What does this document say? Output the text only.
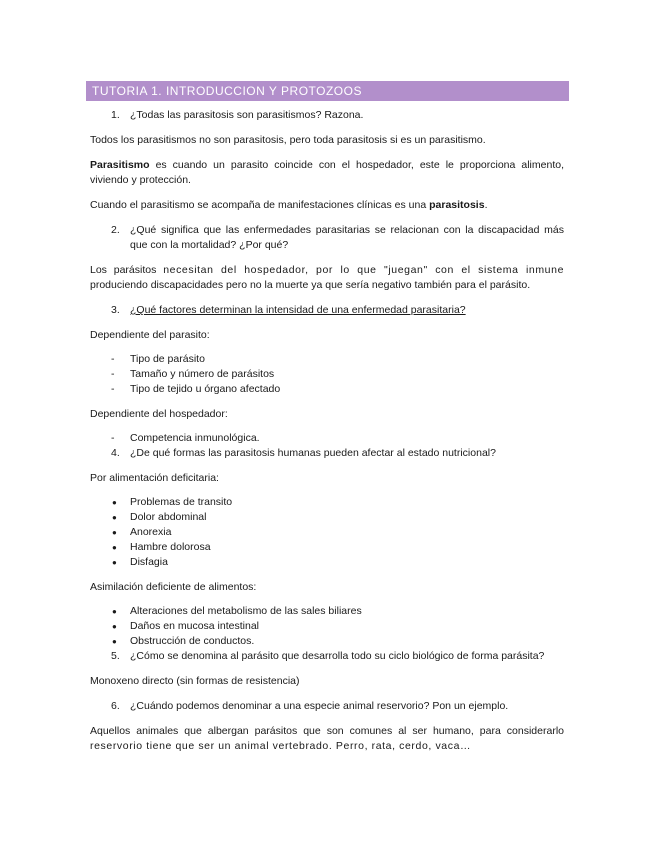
TUTORIA 1. INTRODUCCION Y PROTOZOOS
1. ¿Todas las parasitosis son parasitismos? Razona.

Todos los parasitismos no son parasitosis, pero toda parasitosis si es un parasitismo.

Parasitismo es cuando un parasito coincide con el hospedador, este le proporciona alimento, viviendo y protección.

Cuando el parasitismo se acompaña de manifestaciones clínicas es una parasitosis.

2. ¿Qué significa que las enfermedades parasitarias se relacionan con la discapacidad más que con la mortalidad? ¿Por qué?

Los parásitos necesitan del hospedador, por lo que "juegan" con el sistema inmune produciendo discapacidades pero no la muerte ya que sería negativo también para el parásito.

3. ¿Qué factores determinan la intensidad de una enfermedad parasitaria?

Dependiente del parasito:

- Tipo de parásito
- Tamaño y número de parásitos
- Tipo de tejido u órgano afectado

Dependiente del hospedador:

- Competencia inmunológica.
4. ¿De qué formas las parasitosis humanas pueden afectar al estado nutricional?

Por alimentación deficitaria:

● Problemas de transito
● Dolor abdominal
● Anorexia
● Hambre dolorosa
● Disfagia

Asimilación deficiente de alimentos:

● Alteraciones del metabolismo de las sales biliares
● Daños en mucosa intestinal
● Obstrucción de conductos.
5. ¿Cómo se denomina al parásito que desarrolla todo su ciclo biológico de forma parásita?

Monoxeno directo (sin formas de resistencia)

6. ¿Cuándo podemos denominar a una especie animal reservorio? Pon un ejemplo.

Aquellos animales que albergan parásitos que son comunes al ser humano, para considerarlo reservorio tiene que ser un animal vertebrado. Perro, rata, cerdo, vaca…
